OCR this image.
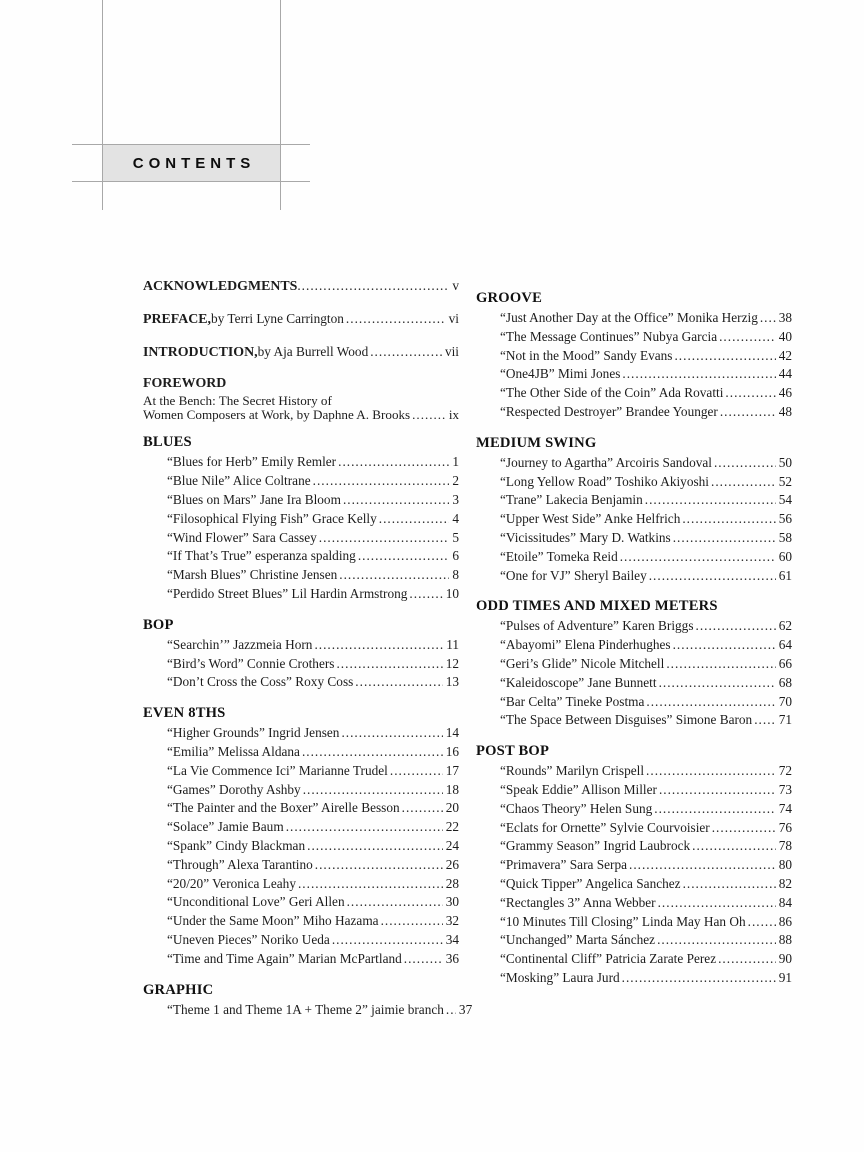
CONTENTS
ACKNOWLEDGMENTS .....	v
PREFACE, by Terri Lyne Carrington .....	vi
INTRODUCTION, by Aja Burrell Wood .....	vii
FOREWORD
At the Bench: The Secret History of
Women Composers at Work, by Daphne A. Brooks .....	ix
BLUES
“Blues for Herb” Emily Remler .....	1
“Blue Nile” Alice Coltrane .....	2
“Blues on Mars” Jane Ira Bloom .....	3
“Filosophical Flying Fish” Grace Kelly .....	4
“Wind Flower” Sara Cassey .....	5
“If That’s True” esperanza spalding .....	6
“Marsh Blues” Christine Jensen .....	8
“Perdido Street Blues” Lil Hardin Armstrong .....	10
BOP
“Searchin’” Jazzmeia Horn .....	11
“Bird’s Word” Connie Crothers .....	12
“Don’t Cross the Coss” Roxy Coss .....	13
EVEN 8THS
“Higher Grounds” Ingrid Jensen .....	14
“Emilia” Melissa Aldana .....	16
“La Vie Commence Ici” Marianne Trudel .....	17
“Games” Dorothy Ashby .....	18
“The Painter and the Boxer” Airelle Besson .....	20
“Solace” Jamie Baum .....	22
“Spank” Cindy Blackman .....	24
“Through” Alexa Tarantino .....	26
“20/20” Veronica Leahy .....	28
“Unconditional Love” Geri Allen .....	30
“Under the Same Moon” Miho Hazama .....	32
“Uneven Pieces” Noriko Ueda .....	34
“Time and Time Again” Marian McPartland .....	36
GRAPHIC
“Theme 1 and Theme 1A + Theme 2” jaimie branch ..... 37
GROOVE
“Just Another Day at the Office” Monika Herzig ..... 38
“The Message Continues” Nubya Garcia .....	40
“Not in the Mood” Sandy Evans .....	42
“One4JB” Mimi Jones .....	44
“The Other Side of the Coin” Ada Rovatti .....	46
“Respected Destroyer” Brandee Younger .....	48
MEDIUM SWING
“Journey to Agartha” Arcoiris Sandoval .....	50
“Long Yellow Road” Toshiko Akiyoshi .....	52
“Trane” Lakecia Benjamin .....	54
“Upper West Side” Anke Helfrich .....	56
“Vicissitudes” Mary D. Watkins .....	58
“Etoile” Tomeka Reid .....	60
“One for VJ” Sheryl Bailey .....	61
ODD TIMES AND MIXED METERS
“Pulses of Adventure” Karen Briggs .....	62
“Abayomi” Elena Pinderhughes .....	64
“Geri’s Glide” Nicole Mitchell .....	66
“Kaleidoscope” Jane Bunnett .....	68
“Bar Celta” Tineke Postma .....	70
“The Space Between Disguises” Simone Baron ..... 71
POST BOP
“Rounds” Marilyn Crispell .....	72
“Speak Eddie” Allison Miller .....	73
“Chaos Theory” Helen Sung .....	74
“Eclats for Ornette” Sylvie Courvoisier .....	76
“Grammy Season” Ingrid Laubrock .....	78
“Primavera” Sara Serpa .....	80
“Quick Tipper” Angelica Sanchez .....	82
“Rectangles 3” Anna Webber .....	84
“10 Minutes Till Closing” Linda May Han Oh ..... 86
“Unchanged” Marta Sánchez .....	88
“Continental Cliff” Patricia Zarate Perez .....	90
“Mosking” Laura Jurd .....	91
